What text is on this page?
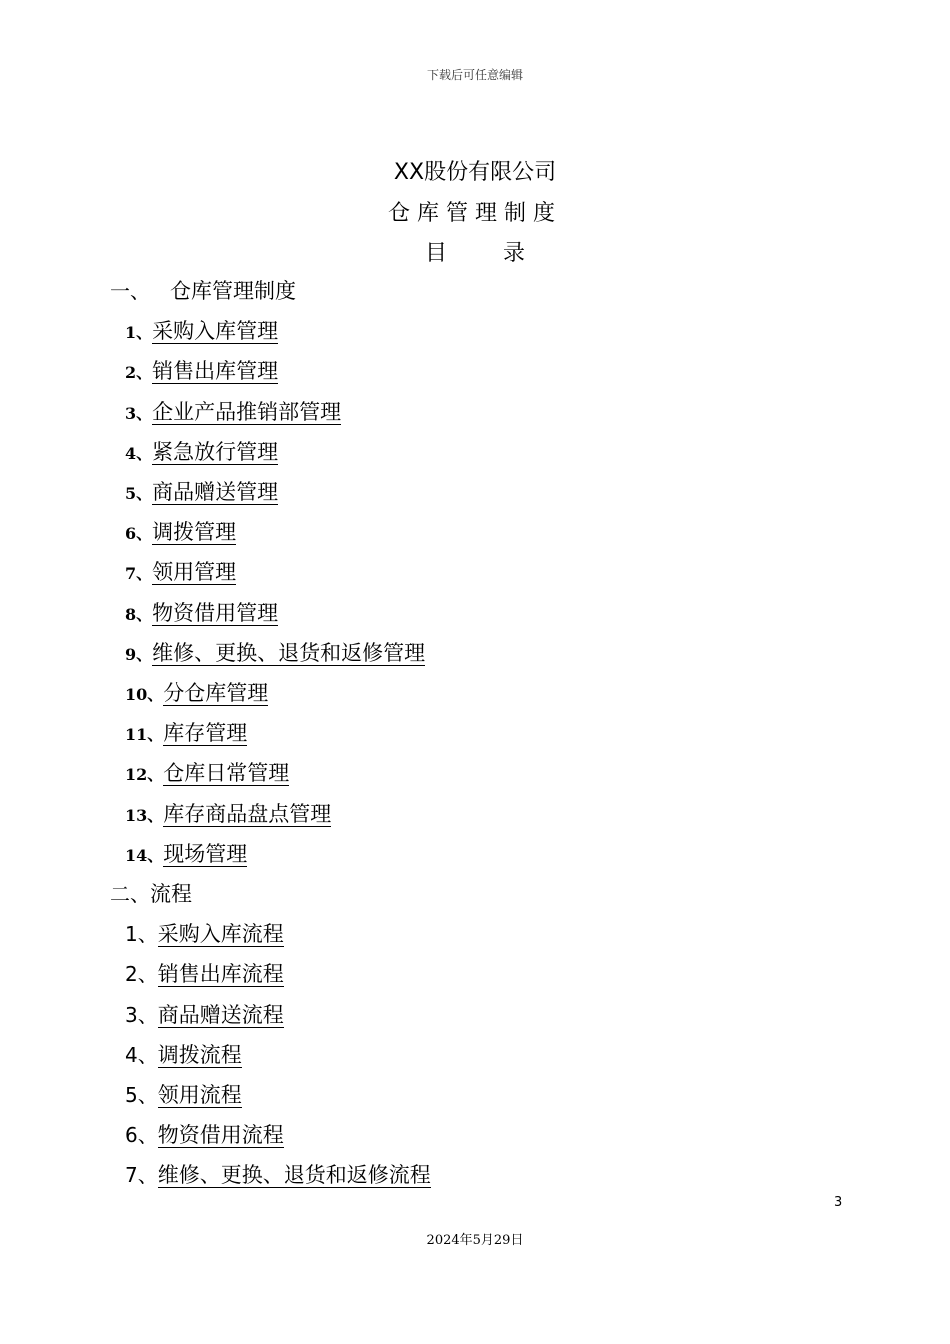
下载后可任意编辑
XX股份有限公司
仓库管理制度
目	录
一、 仓库管理制度
1、采购入库管理
2、销售出库管理
3、企业产品推销部管理
4、紧急放行管理
5、商品赠送管理
6、调拨管理
7、领用管理
8、物资借用管理
9、维修、更换、退货和返修管理
10、分仓库管理
11、库存管理
12、仓库日常管理
13、库存商品盘点管理
14、现场管理
二、流程
1、采购入库流程
2、销售出库流程
3、商品赠送流程
4、调拨流程
5、领用流程
6、物资借用流程
7、维修、更换、退货和返修流程
3
2024年5月29日
